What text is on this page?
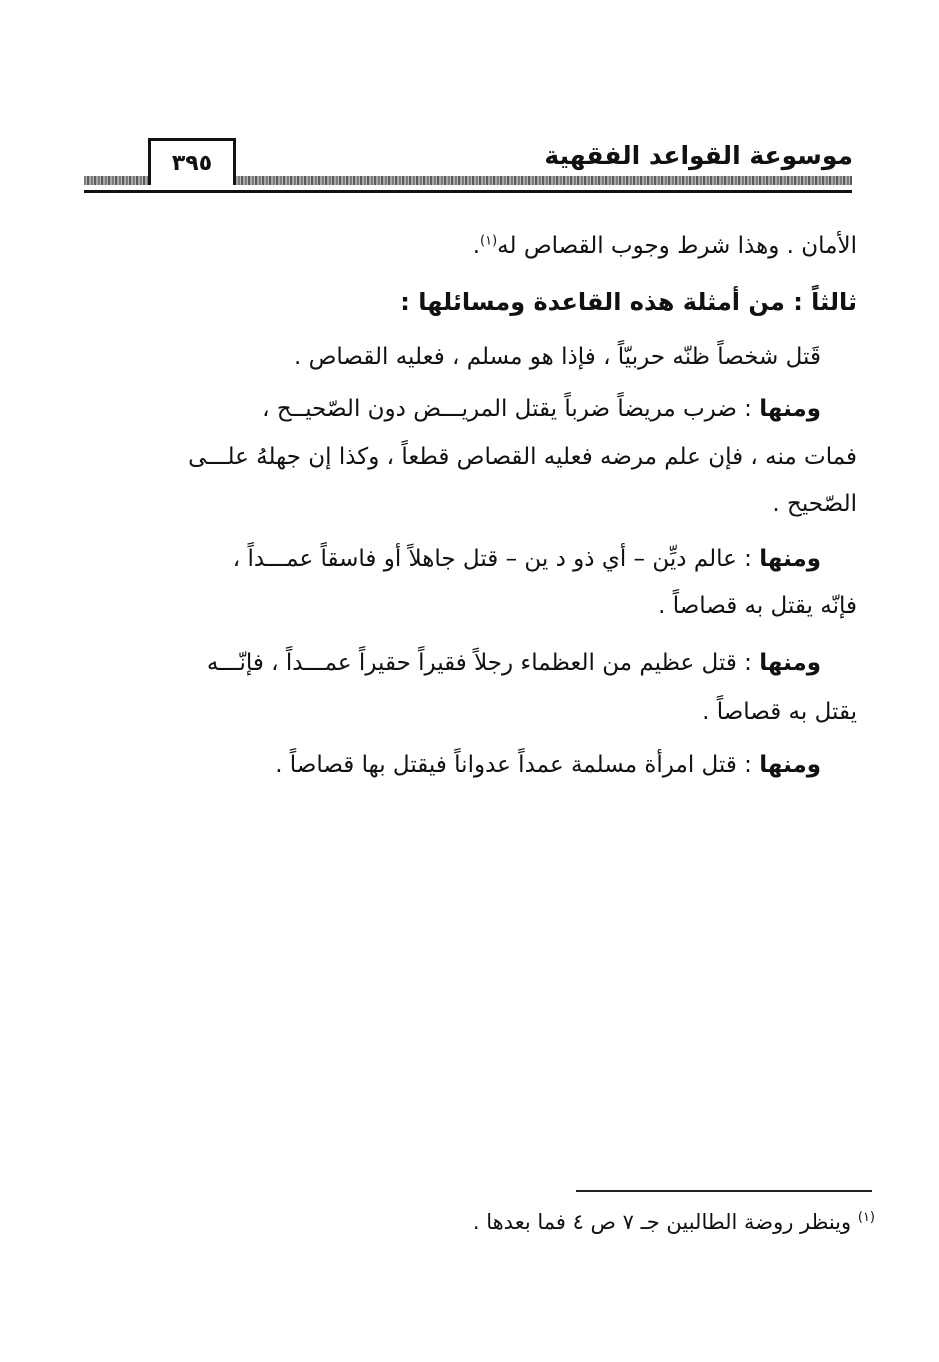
موسوعة القواعد الفقهية
٣٩٥
الأمان . وهذا شرط وجوب القصاص له$^{(١)}$.
ثالثاً : من أمثلة هذه القاعدة ومسائلها :
قَتل شخصاً ظنّه حربيّاً ، فإذا هو مسلم ، فعليه القصاص .
ومنها : ضرب مريضاً ضرباً يقتل المريـــض دون الصّحيــح ،
فمات منه ، فإن علم مرضه فعليه القصاص قطعاً ، وكذا إن جهلهُ علـــى
الصّحيح .
ومنها : عالم ديِّن – أي ذو د ين – قتل جاهلاً أو فاسقاً عمـــداً ،
فإنّه يقتل به قصاصاً .
ومنها : قتل عظيم من العظماء رجلاً فقيراً حقيراً عمـــداً ، فإنّـــه
يقتل به قصاصاً .
ومنها : قتل امرأة مسلمة عمداً عدواناً فيقتل بها قصاصاً .
$^{(١)}$ وينظر روضة الطالبين جـ ٧ ص ٤ فما بعدها .
